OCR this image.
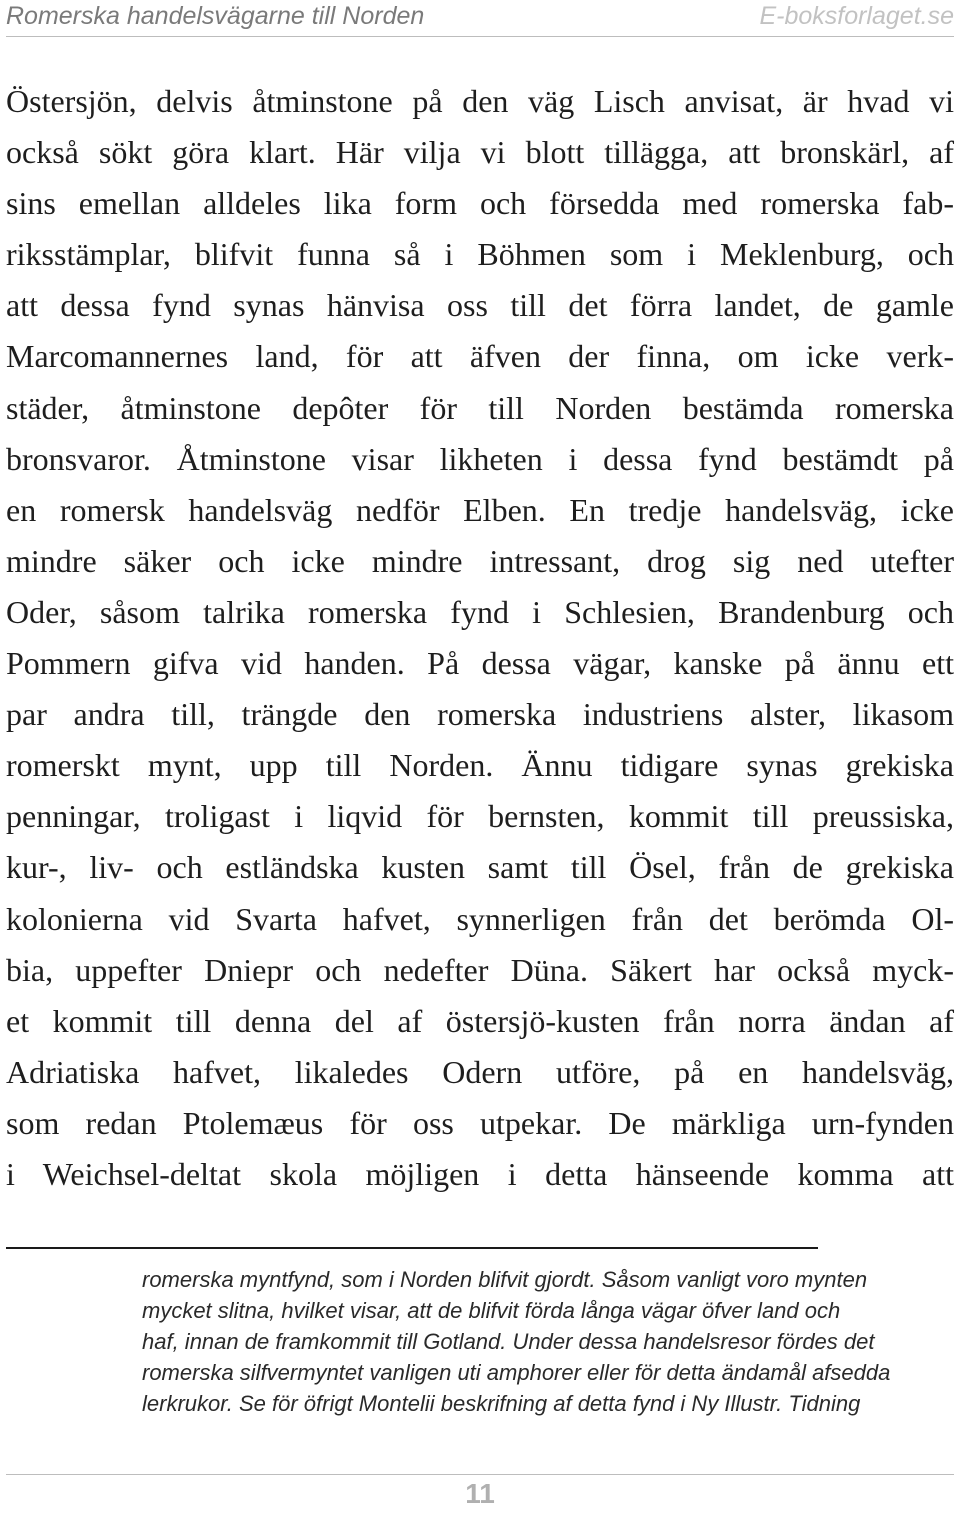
Romerska handelsvägarne till Norden	E-boksforlaget.se
Östersjön, delvis åtminstone på den väg Lisch anvisat, är hvad vi
också sökt göra klart. Här vilja vi blott tillägga, att bronskärl, af
sins emellan alldeles lika form och försedda med romerska fab-
riksstämplar, blifvit funna så i Böhmen som i Meklenburg, och
att dessa fynd synas hänvisa oss till det förra landet, de gamle
Marcomannernes land, för att äfven der finna, om icke verk-
städer, åtminstone depôter för till Norden bestämda romerska
bronsvaror. Åtminstone visar likheten i dessa fynd bestämdt på
en romersk handelsväg nedför Elben. En tredje handelsväg, icke
mindre säker och icke mindre intressant, drog sig ned utefter
Oder, såsom talrika romerska fynd i Schlesien, Brandenburg och
Pommern gifva vid handen. På dessa vägar, kanske på ännu ett
par andra till, trängde den romerska industriens alster, likasom
romerskt mynt, upp till Norden. Ännu tidigare synas grekiska
penningar, troligast i liqvid för bernsten, kommit till preussiska,
kur-, liv- och estländska kusten samt till Ösel, från de grekiska
kolonierna vid Svarta hafvet, synnerligen från det berömda Ol-
bia, uppefter Dniepr och nedefter Düna. Säkert har också myck-
et kommit till denna del af östersjö-kusten från norra ändan af
Adriatiska hafvet, likaledes Odern utföre, på en handelsväg,
som redan Ptolemæus för oss utpekar. De märkliga urn-fynden
i Weichsel-deltat skola möjligen i detta hänseende komma att
romerska myntfynd, som i Norden blifvit gjordt. Såsom vanligt voro mynten
mycket slitna, hvilket visar, att de blifvit förda långa vägar öfver land och
haf, innan de framkommit till Gotland. Under dessa handelsresor fördes det
romerska silfvermyntet vanligen uti amphorer eller för detta ändamål afsedda
lerkrukor. Se för öfrigt Montelii beskrifning af detta fynd i Ny Illustr. Tidning
11
